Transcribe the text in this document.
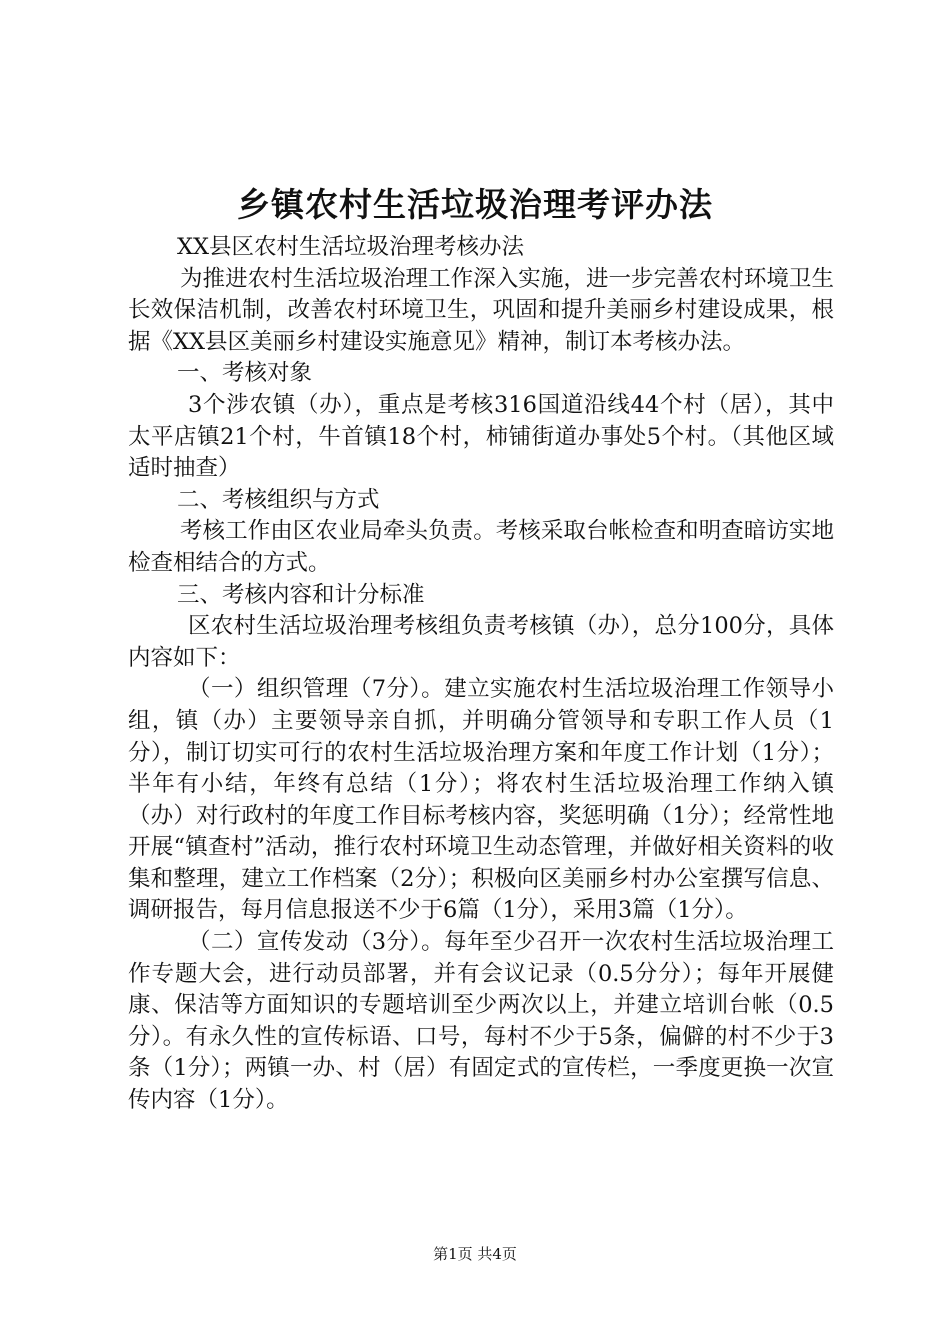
乡镇农村生活垃圾治理考评办法

XX县区农村生活垃圾治理考核办法

为推进农村生活垃圾治理工作深入实施，进一步完善农村环境卫生长效保洁机制，改善农村环境卫生，巩固和提升美丽乡村建设成果，根据《XX县区美丽乡村建设实施意见》精神，制订本考核办法。

一、考核对象

3个涉农镇（办），重点是考核316国道沿线44个村（居），其中太平店镇21个村，牛首镇18个村，柿铺街道办事处5个村。（其他区域适时抽查）

二、考核组织与方式

考核工作由区农业局牵头负责。考核采取台帐检查和明查暗访实地检查相结合的方式。

三、考核内容和计分标准

区农村生活垃圾治理考核组负责考核镇（办），总分100分，具体内容如下：

（一）组织管理（7分）。建立实施农村生活垃圾治理工作领导小组，镇（办）主要领导亲自抓，并明确分管领导和专职工作人员（1分），制订切实可行的农村生活垃圾治理方案和年度工作计划（1分）；半年有小结，年终有总结（1分）；将农村生活垃圾治理工作纳入镇（办）对行政村的年度工作目标考核内容，奖惩明确（1分）；经常性地开展“镇查村”活动，推行农村环境卫生动态管理，并做好相关资料的收集和整理，建立工作档案（2分）；积极向区美丽乡村办公室撰写信息、调研报告，每月信息报送不少于6篇（1分），采用3篇（1分）。

（二）宣传发动（3分）。每年至少召开一次农村生活垃圾治理工作专题大会，进行动员部署，并有会议记录（0.5分分）；每年开展健康、保洁等方面知识的专题培训至少两次以上，并建立培训台帐（0.5分）。有永久性的宣传标语、口号，每村不少于5条，偏僻的村不少于3条（1分）；两镇一办、村（居）有固定式的宣传栏，一季度更换一次宣传内容（1分）。

第1页 共4页
